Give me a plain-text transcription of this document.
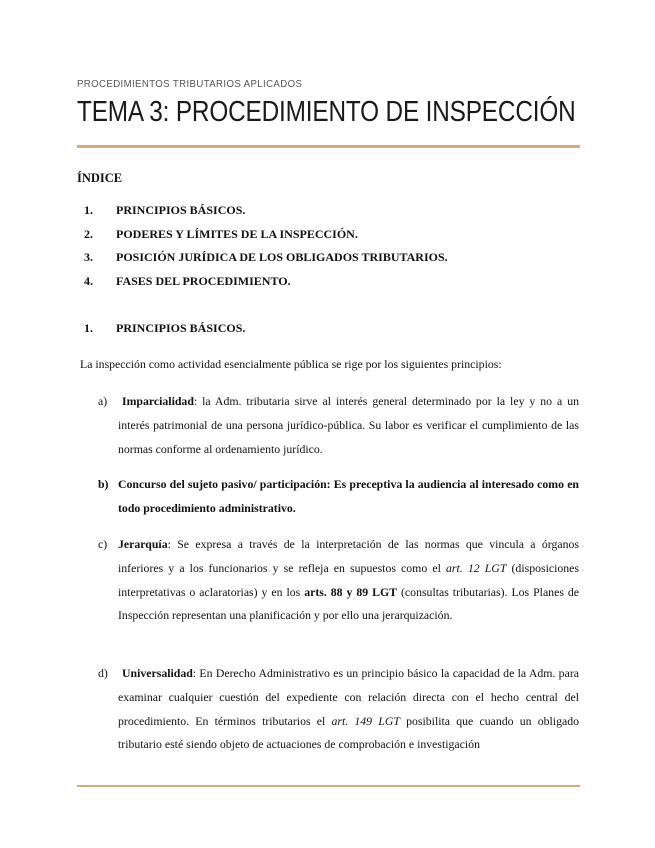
PROCEDIMIENTOS TRIBUTARIOS APLICADOS
TEMA 3: PROCEDIMIENTO DE INSPECCIÓN
ÍNDICE
1.	PRINCIPIOS BÁSICOS.
2.	PODERES Y LÍMITES DE LA INSPECCIÓN.
3.	POSICIÓN JURÍDICA DE LOS OBLIGADOS TRIBUTARIOS.
4.	FASES DEL PROCEDIMIENTO.
1.	PRINCIPIOS BÁSICOS.
La inspección como actividad esencialmente pública se rige por los siguientes principios:
a)	Imparcialidad: la Adm. tributaria sirve al interés general determinado por la ley y no a un interés patrimonial de una persona jurídico-pública. Su labor es verificar el cumplimiento de las normas conforme al ordenamiento jurídico.
b) Concurso del sujeto pasivo/ participación: Es preceptiva la audiencia al interesado como en todo procedimiento administrativo.
c) Jerarquía: Se expresa a través de la interpretación de las normas que vincula a órganos inferiores y a los funcionarios y se refleja en supuestos como el art. 12 LGT (disposiciones interpretativas o aclaratorias) y en los arts. 88 y 89 LGT (consultas tributarias). Los Planes de Inspección representan una planificación y por ello una jerarquización.
d)	Universalidad: En Derecho Administrativo es un principio básico la capacidad de la Adm. para examinar cualquier cuestión del expediente con relación directa con el hecho central del procedimiento. En términos tributarios el art. 149 LGT posibilita que cuando un obligado tributario esté siendo objeto de actuaciones de comprobación e investigación
